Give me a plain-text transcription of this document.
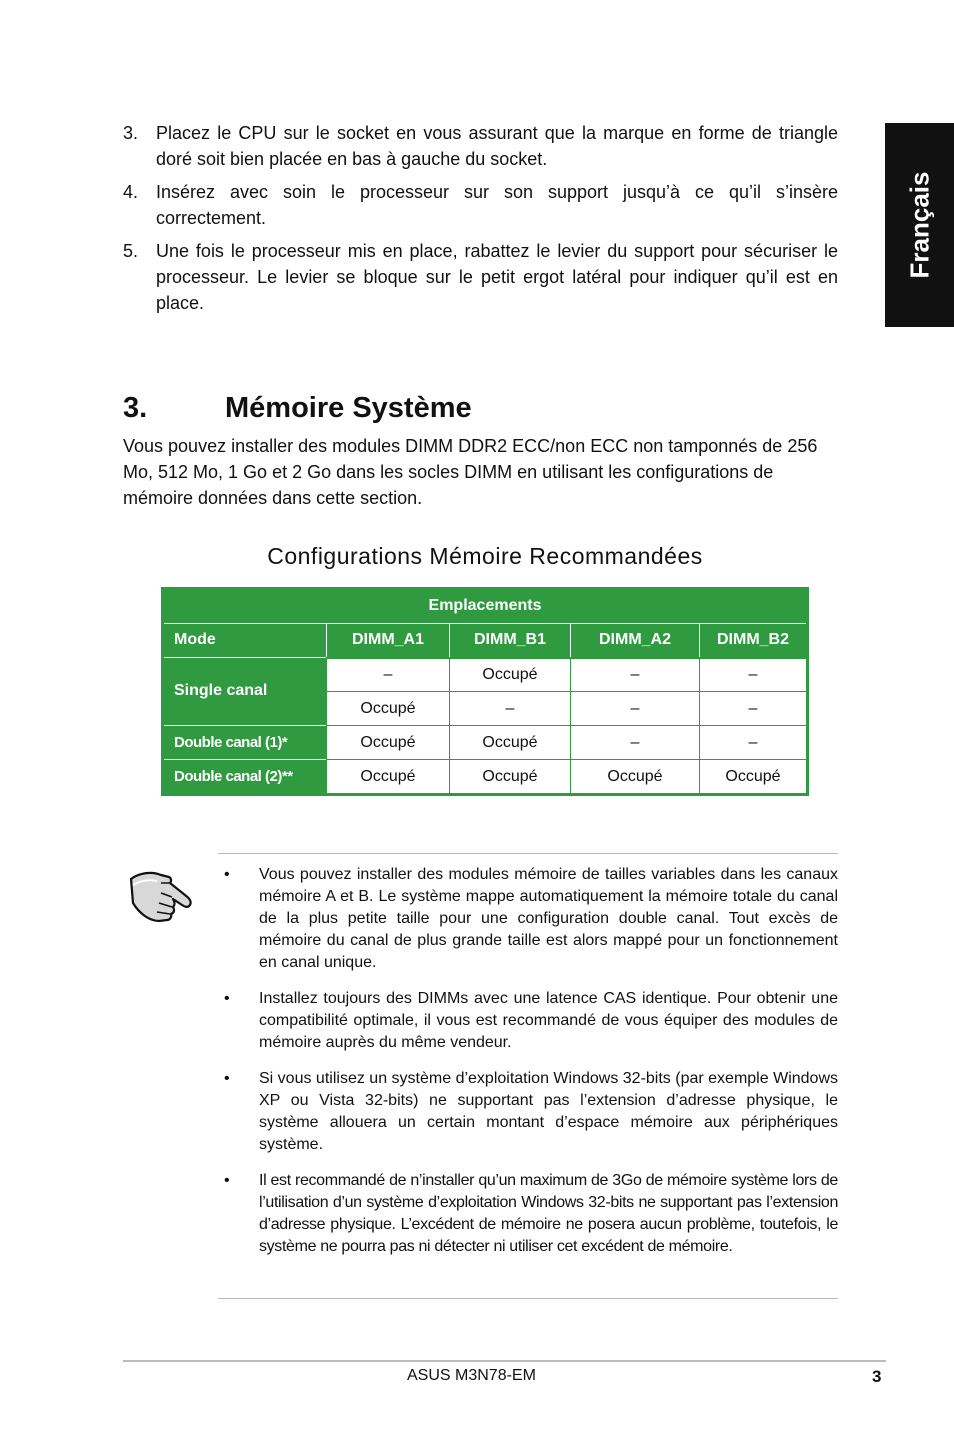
Français
3. Placez le CPU sur le socket en vous assurant que la marque en forme de triangle doré soit bien placée en bas à gauche du socket.
4. Insérez avec soin le processeur sur son support jusqu’à ce qu’il s’insère correctement.
5. Une fois le processeur mis en place, rabattez le levier du support pour sécuriser le processeur. Le levier se bloque sur le petit ergot latéral pour indiquer qu’il est en place.
3.	Mémoire Système
Vous pouvez installer des modules DIMM DDR2 ECC/non ECC non tamponnés de 256 Mo, 512 Mo, 1 Go et 2 Go dans les socles DIMM en utilisant les configurations de mémoire données dans cette section.
Configurations Mémoire Recommandées
Emplacements				
Mode	DIMM_A1	DIMM_B1	DIMM_A2	DIMM_B2
Single canal	–	Occupé	–	–
	Occupé	–	–	–
Double canal (1)*	Occupé	Occupé	–	–
Double canal (2)**	Occupé	Occupé	Occupé	Occupé
• Vous pouvez installer des modules mémoire de tailles variables dans les canaux mémoire A et B. Le système mappe automatiquement la mémoire totale du canal de la plus petite taille pour une configuration double canal. Tout excès de mémoire du canal de plus grande taille est alors mappé pour un fonctionnement en canal unique.
• Installez toujours des DIMMs avec une latence CAS identique. Pour obtenir une compatibilité optimale, il vous est recommandé de vous équiper des modules de mémoire auprès du même vendeur.
• Si vous utilisez un système d’exploitation Windows 32-bits (par exemple Windows XP ou Vista 32-bits) ne supportant pas l’extension d’adresse physique, le système allouera un certain montant d’espace mémoire aux périphériques système.
• Il est recommandé de n’installer qu’un maximum de 3Go de mémoire système lors de l’utilisation d’un système d’exploitation Windows 32-bits ne supportant pas l’extension d’adresse physique. L’excédent de mémoire ne posera aucun problème, toutefois, le système ne pourra pas ni détecter ni utiliser cet excédent de mémoire.
ASUS M3N78-EM	3
